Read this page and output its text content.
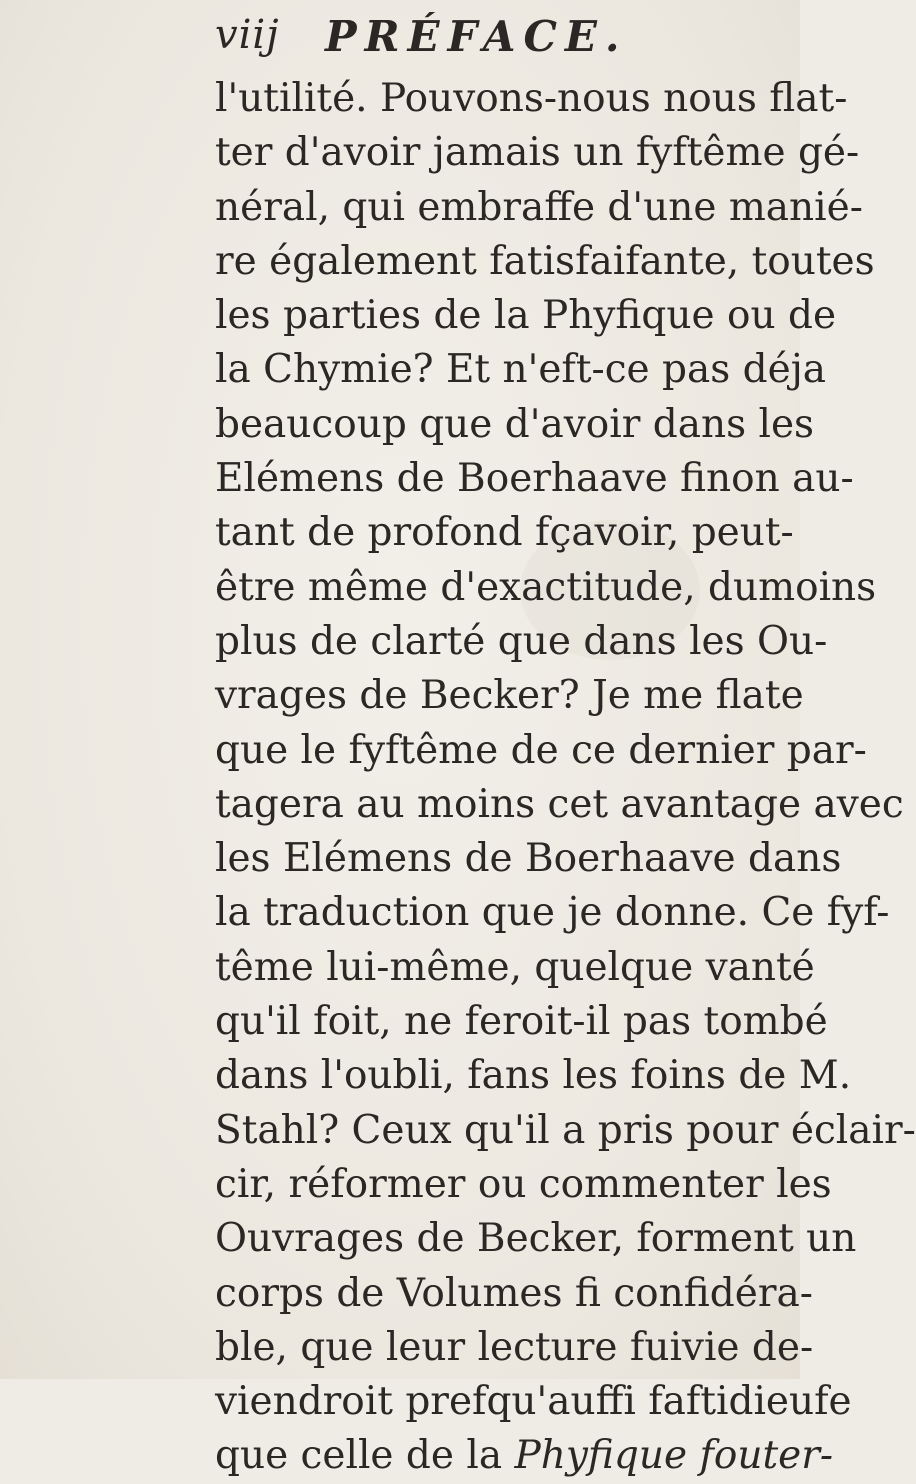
viij PRÉFACE.
l'utilité. Pouvons-nous nous flat-
ter d'avoir jamais un fyftême gé-
néral, qui embraffe d'une manié-
re également fatisfaifante, toutes
les parties de la Phyfique ou de
la Chymie? Et n'eft-ce pas déja
beaucoup que d'avoir dans les
Elémens de Boerhaave finon au-
tant de profond fçavoir, peut-
être même d'exactitude, dumoins
plus de clarté que dans les Ou-
vrages de Becker? Je me flate
que le fyftême de ce dernier par-
tagera au moins cet avantage avec
les Elémens de Boerhaave dans
la traduction que je donne. Ce fyf-
tême lui-même, quelque vanté
qu'il foit, ne feroit-il pas tombé
dans l'oubli, fans les foins de M.
Stahl? Ceux qu'il a pris pour éclair-
cir, réformer ou commenter les
Ouvrages de Becker, forment un
corps de Volumes fi confidéra-
ble, que leur lecture fuivie de-
viendroit prefqu'auffi faftidieufe
que celle de la Phyfique fouter-
